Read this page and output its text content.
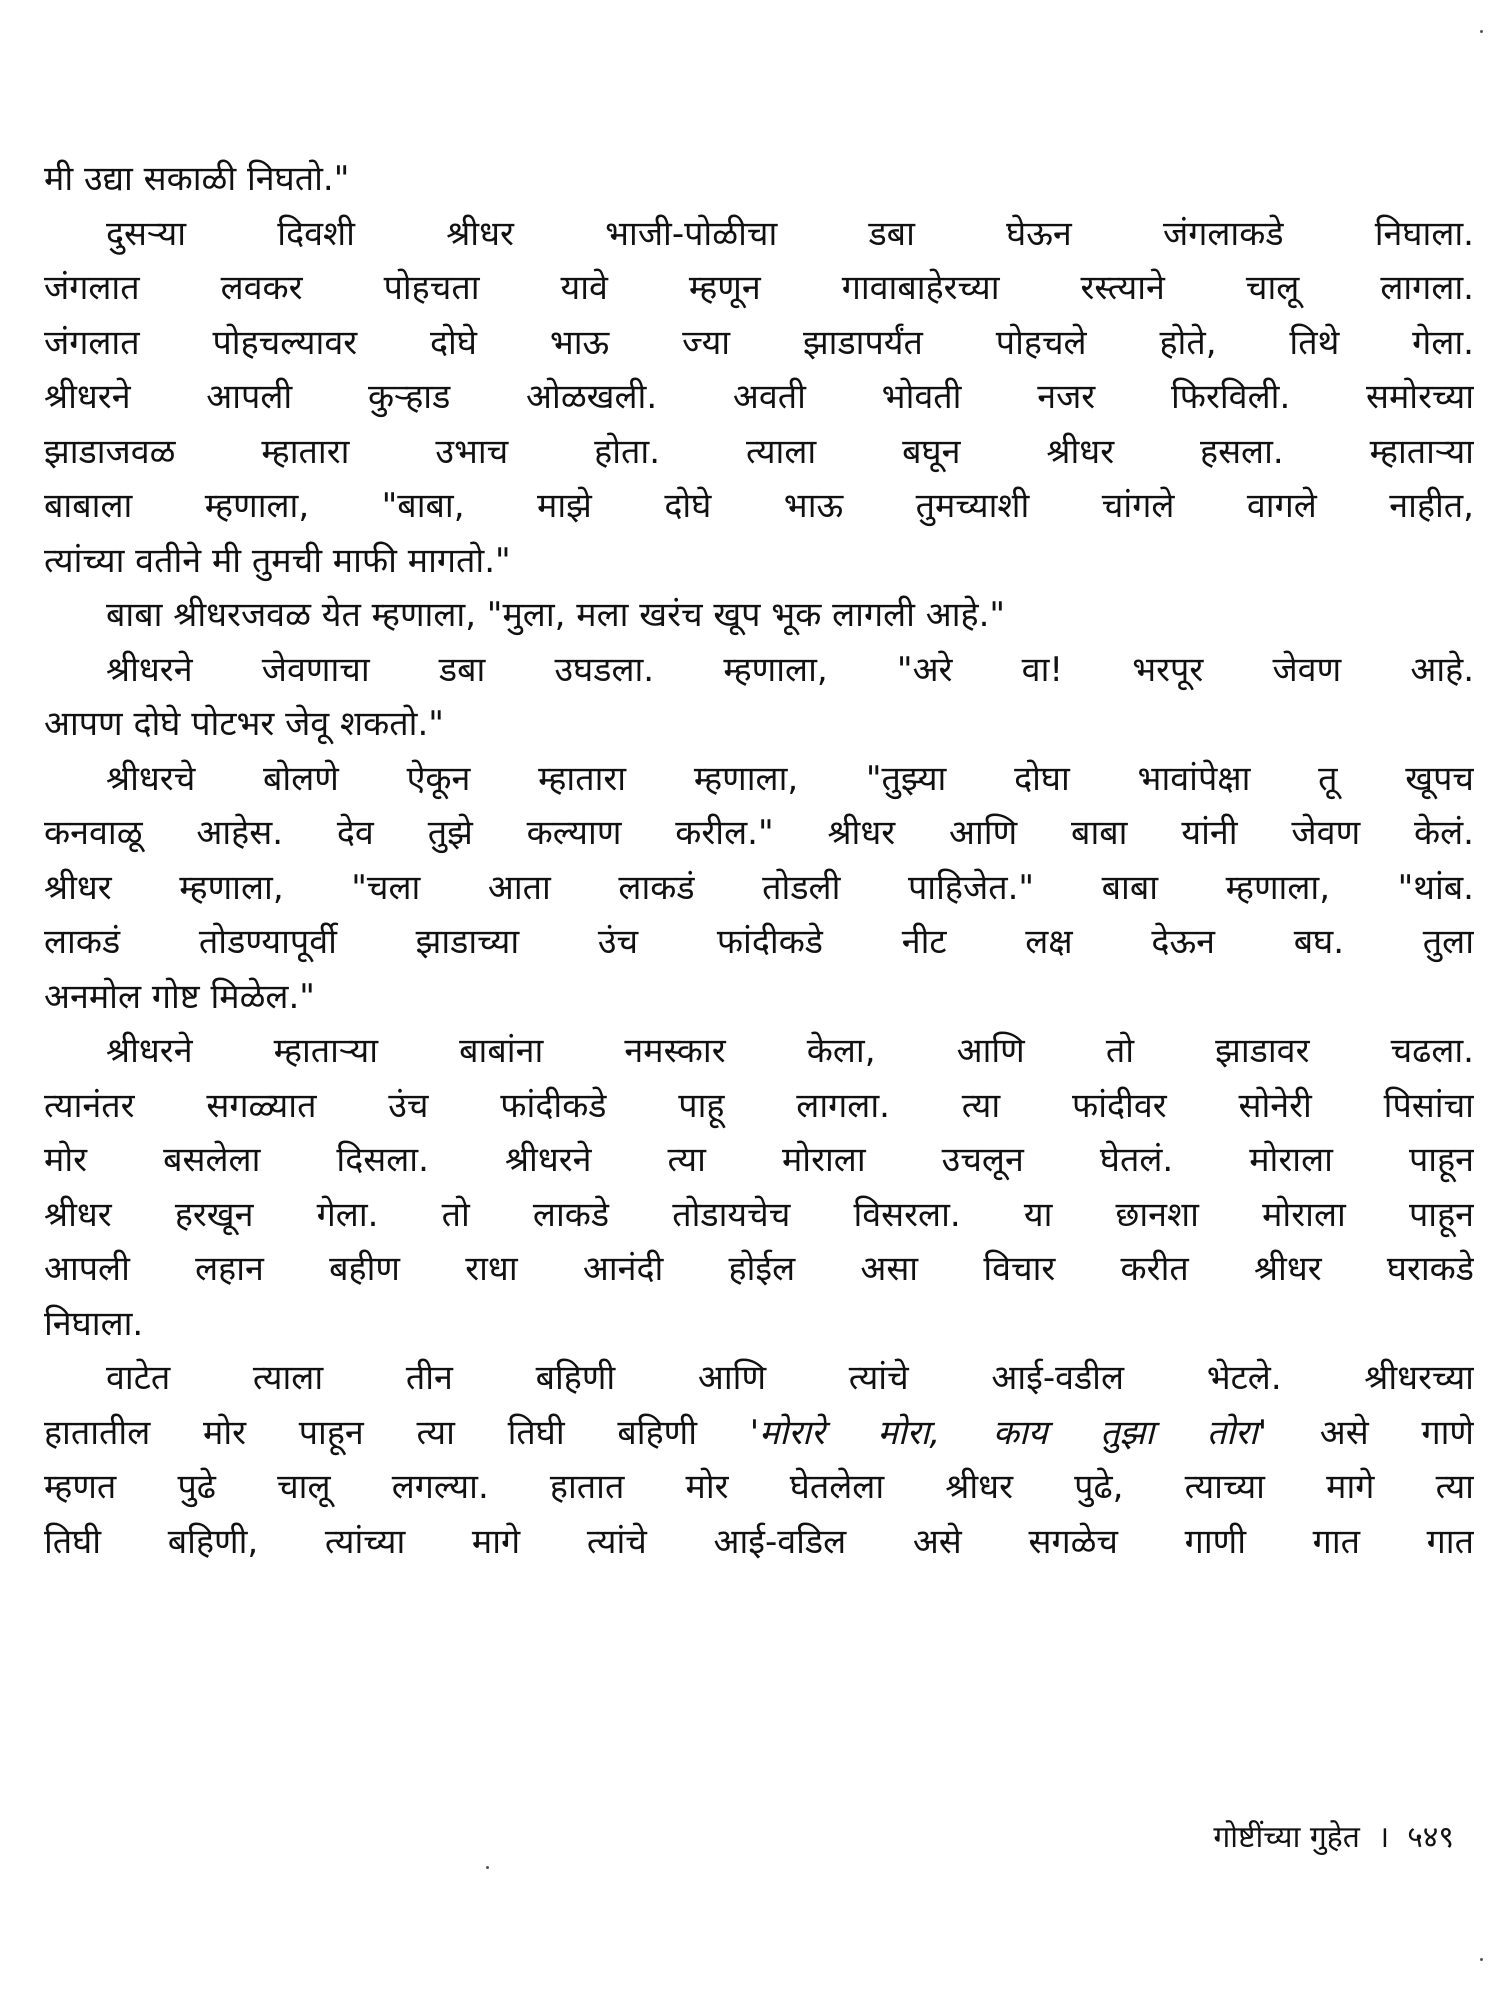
मी उद्या सकाळी निघतो."
दुसऱ्या दिवशी श्रीधर भाजी-पोळीचा डबा घेऊन जंगलाकडे निघाला.
जंगलात लवकर पोहचता यावे म्हणून गावाबाहेरच्या रस्त्याने चालू लागला.
जंगलात पोहचल्यावर दोघे भाऊ ज्या झाडापर्यंत पोहचले होते, तिथे गेला.
श्रीधरने आपली कुऱ्हाड ओळखली. अवती भोवती नजर फिरविली. समोरच्या
झाडाजवळ म्हातारा उभाच होता. त्याला बघून श्रीधर हसला. म्हाताऱ्या
बाबाला म्हणाला, "बाबा, माझे दोघे भाऊ तुमच्याशी चांगले वागले नाहीत,
त्यांच्या वतीने मी तुमची माफी मागतो."
बाबा श्रीधरजवळ येत म्हणाला, "मुला, मला खरंच खूप भूक लागली आहे."
श्रीधरने जेवणाचा डबा उघडला. म्हणाला, "अरे वा! भरपूर जेवण आहे.
आपण दोघे पोटभर जेवू शकतो."
श्रीधरचे बोलणे ऐकून म्हातारा म्हणाला, "तुझ्या दोघा भावांपेक्षा तू खूपच
कनवाळू आहेस. देव तुझे कल्याण करील." श्रीधर आणि बाबा यांनी जेवण केलं.
श्रीधर म्हणाला, "चला आता लाकडं तोडली पाहिजेत." बाबा म्हणाला, "थांब.
लाकडं तोडण्यापूर्वी झाडाच्या उंच फांदीकडे नीट लक्ष देऊन बघ. तुला
अनमोल गोष्ट मिळेल."
श्रीधरने म्हाताऱ्या बाबांना नमस्कार केला, आणि तो झाडावर चढला.
त्यानंतर सगळ्यात उंच फांदीकडे पाहू लागला. त्या फांदीवर सोनेरी पिसांचा
मोर बसलेला दिसला. श्रीधरने त्या मोराला उचलून घेतलं. मोराला पाहून
श्रीधर हरखून गेला. तो लाकडे तोडायचेच विसरला. या छानशा मोराला पाहून
आपली लहान बहीण राधा आनंदी होईल असा विचार करीत श्रीधर घराकडे
निघाला.
वाटेत त्याला तीन बहिणी आणि त्यांचे आई-वडील भेटले. श्रीधरच्या
हातातील मोर पाहून त्या तिघी बहिणी 'मोरारे मोरा, काय तुझा तोरा' असे गाणे
म्हणत पुढे चालू लगल्या. हातात मोर घेतलेला श्रीधर पुढे, त्याच्या मागे त्या
तिघी बहिणी, त्यांच्या मागे त्यांचे आई-वडिल असे सगळेच गाणी गात गात
गोष्टींच्या गुहेत । ५४९
